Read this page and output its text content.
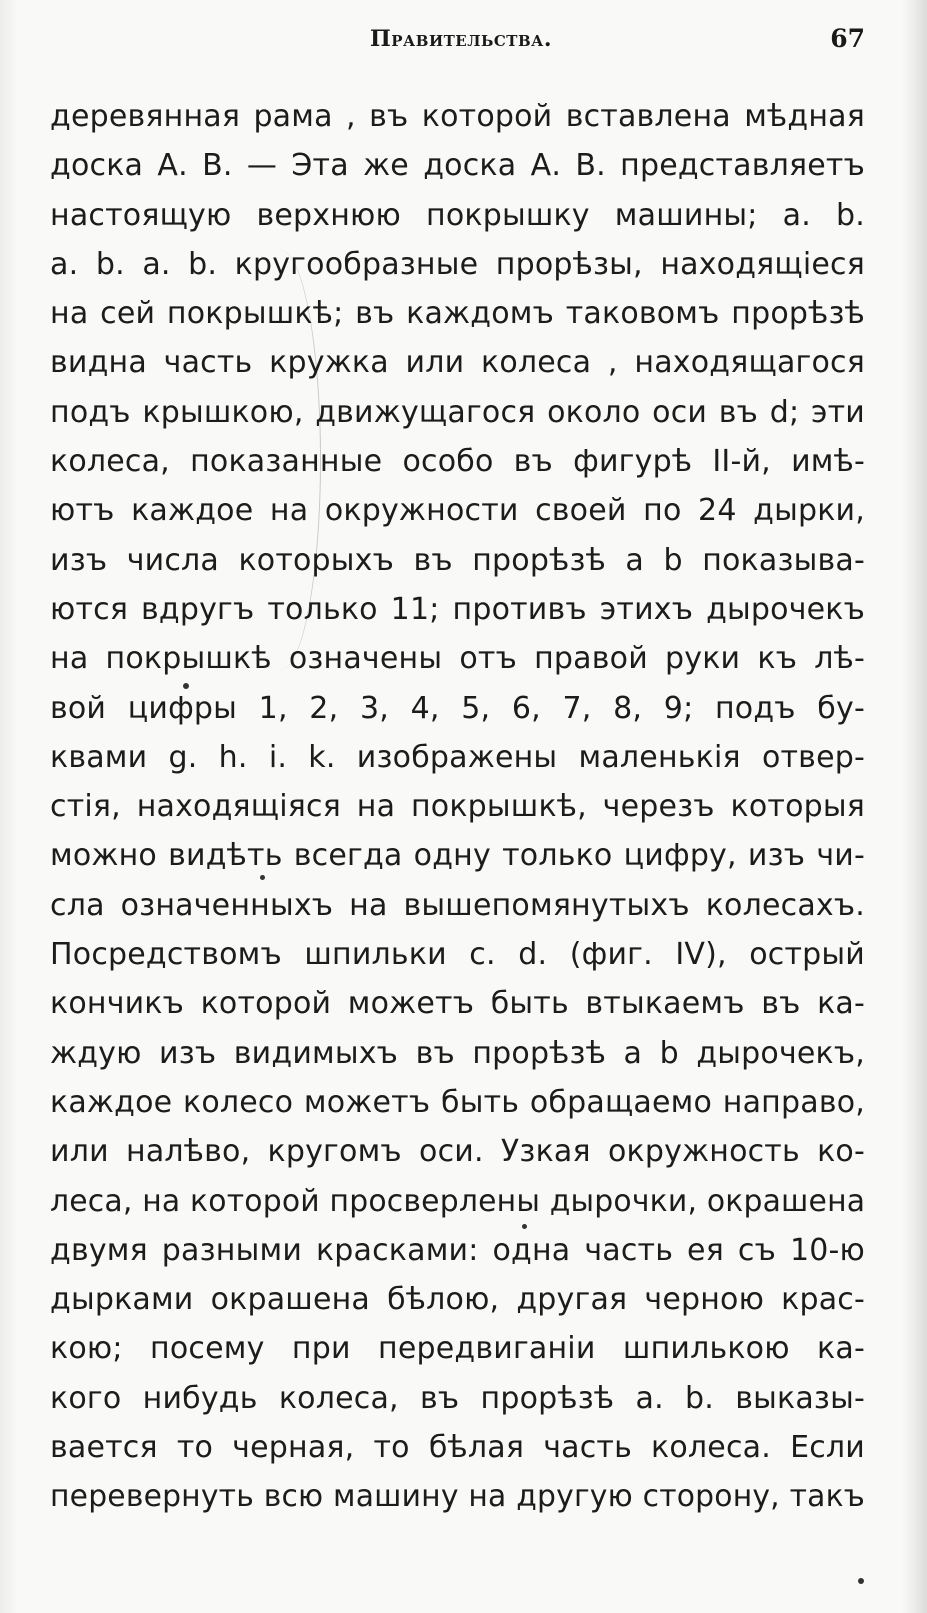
Правительства.	67
деревянная рама , въ которой вставлена мѣдная
доска А. В. — Эта же доска А. В. представляетъ
настоящую верхнюю покрышку машины; а. b.
а. b. а. b. кругообразные прорѣзы, находящіеся
на сей покрышкѣ; въ каждомъ таковомъ прорѣзѣ
видна часть кружка или колеса , находящагося
подъ крышкою, движущагося около оси въ d; эти
колеса, показанные особо въ фигурѣ II-й, имѣ-
ютъ каждое на окружности своей по 24 дырки,
изъ числа которыхъ въ прорѣзѣ а b показыва-
ются вдругъ только 11; противъ этихъ дырочекъ
на покрышкѣ означены отъ правой руки къ лѣ-
вой цифры 1, 2, 3, 4, 5, 6, 7, 8, 9; подъ бу-
квами g. h. i. k. изображены маленькія отвер-
стія, находящіяся на покрышкѣ, черезъ которыя
можно видѣть всегда одну только цифру, изъ чи-
сла означенныхъ на вышепомянутыхъ колесахъ.
Посредствомъ шпильки с. d. (фиг. IV), острый
кончикъ которой можетъ быть втыкаемъ въ ка-
ждую изъ видимыхъ въ прорѣзѣ а b дырочекъ,
каждое колесо можетъ быть обращаемо направо,
или налѣво, кругомъ оси. Узкая окружность ко-
леса, на которой просверлены дырочки, окрашена
двумя разными красками: одна часть ея съ 10-ю
дырками окрашена бѣлою, другая черною крас-
кою; посему при передвиганіи шпилькою ка-
кого нибудь колеса, въ прорѣзѣ а. b. выказы-
вается то черная, то бѣлая часть колеса. Если
перевернуть всю машину на другую сторону, такъ
